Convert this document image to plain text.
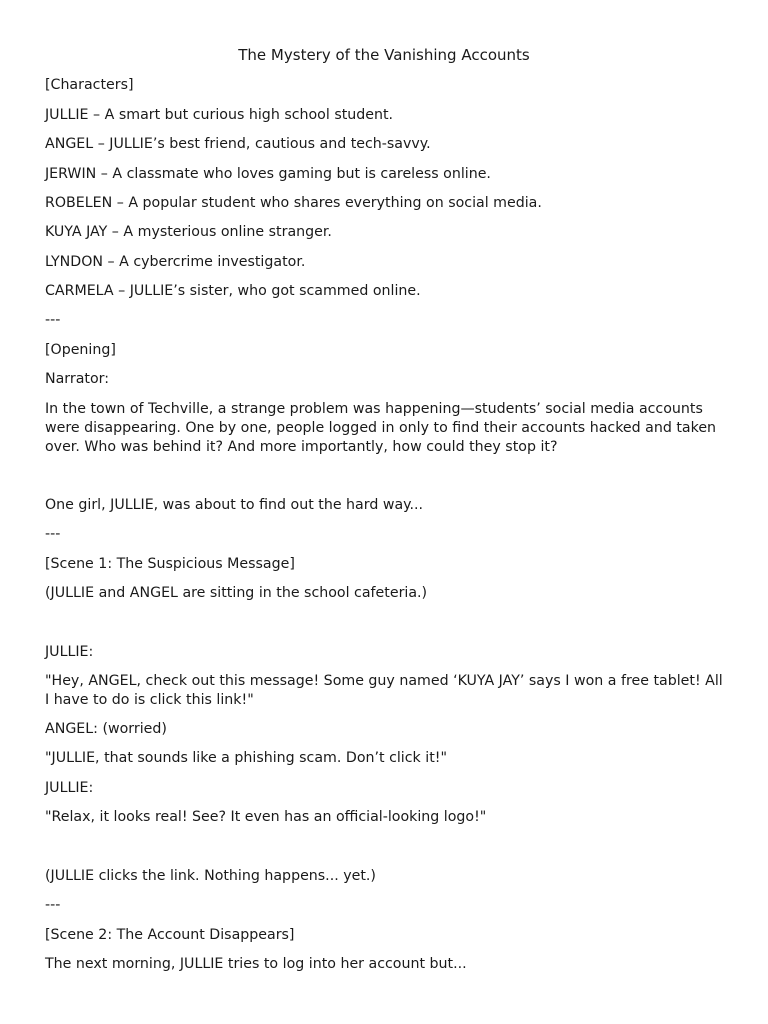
The Mystery of the Vanishing Accounts

[Characters]

JULLIE – A smart but curious high school student.

ANGEL – JULLIE’s best friend, cautious and tech-savvy.

JERWIN – A classmate who loves gaming but is careless online.

ROBELEN – A popular student who shares everything on social media.

KUYA JAY – A mysterious online stranger.

LYNDON – A cybercrime investigator.

CARMELA – JULLIE’s sister, who got scammed online.

---

[Opening]

Narrator:

In the town of Techville, a strange problem was happening—students’ social media accounts were disappearing. One by one, people logged in only to find their accounts hacked and taken over. Who was behind it? And more importantly, how could they stop it?

One girl, JULLIE, was about to find out the hard way...

---

[Scene 1: The Suspicious Message]

(JULLIE and ANGEL are sitting in the school cafeteria.)

JULLIE:

"Hey, ANGEL, check out this message! Some guy named ‘KUYA JAY’ says I won a free tablet! All I have to do is click this link!"

ANGEL: (worried)

"JULLIE, that sounds like a phishing scam. Don’t click it!"

JULLIE:

"Relax, it looks real! See? It even has an official-looking logo!"

(JULLIE clicks the link. Nothing happens... yet.)

---

[Scene 2: The Account Disappears]

The next morning, JULLIE tries to log into her account but...
